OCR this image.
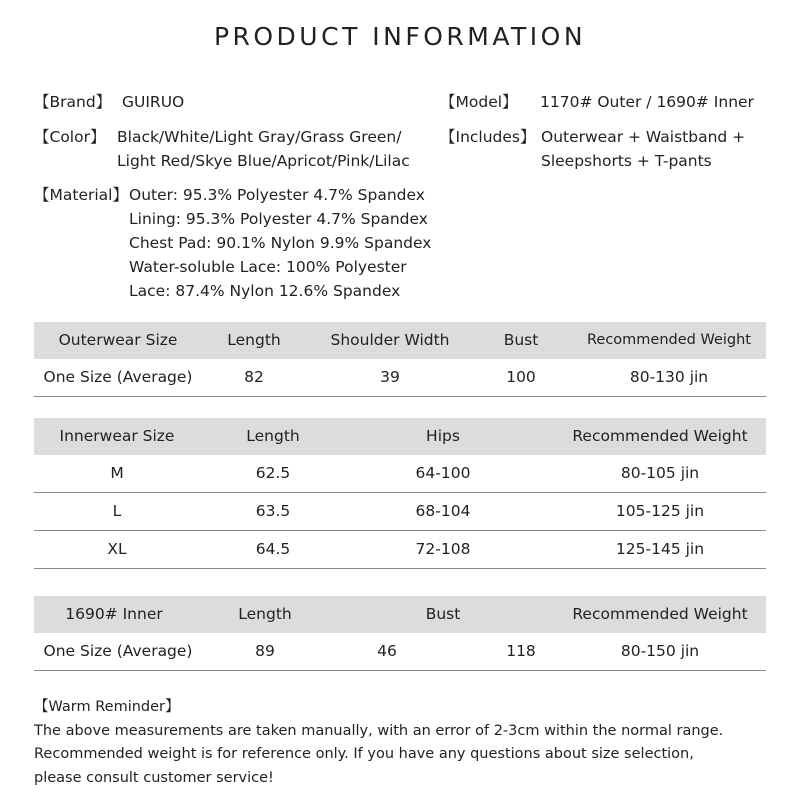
PRODUCT INFORMATION
【Brand】 GUIRUO	【Model】 1170# Outer / 1690# Inner
【Color】 Black/White/Light Gray/Grass Green/
Light Red/Skye Blue/Apricot/Pink/Lilac
【Includes】 Outerwear + Waistband +
Sleepshorts + T-pants
【Material】 Outer: 95.3% Polyester 4.7% Spandex
Lining: 95.3% Polyester 4.7% Spandex
Chest Pad: 90.1% Nylon 9.9% Spandex
Water-soluble Lace: 100% Polyester
Lace: 87.4% Nylon 12.6% Spandex
Outerwear Size	Length	Shoulder Width	Bust	Recommended Weight
One Size (Average)	82	39	100	80-130 jin
Innerwear Size	Length	Hips	Recommended Weight
M	62.5	64-100	80-105 jin
L	63.5	68-104	105-125 jin
XL	64.5	72-108	125-145 jin
1690# Inner	Length	Bust	Recommended Weight
One Size (Average)	89	46	118	80-150 jin
【Warm Reminder】
The above measurements are taken manually, with an error of 2-3cm within the normal range.
Recommended weight is for reference only. If you have any questions about size selection,
please consult customer service!
